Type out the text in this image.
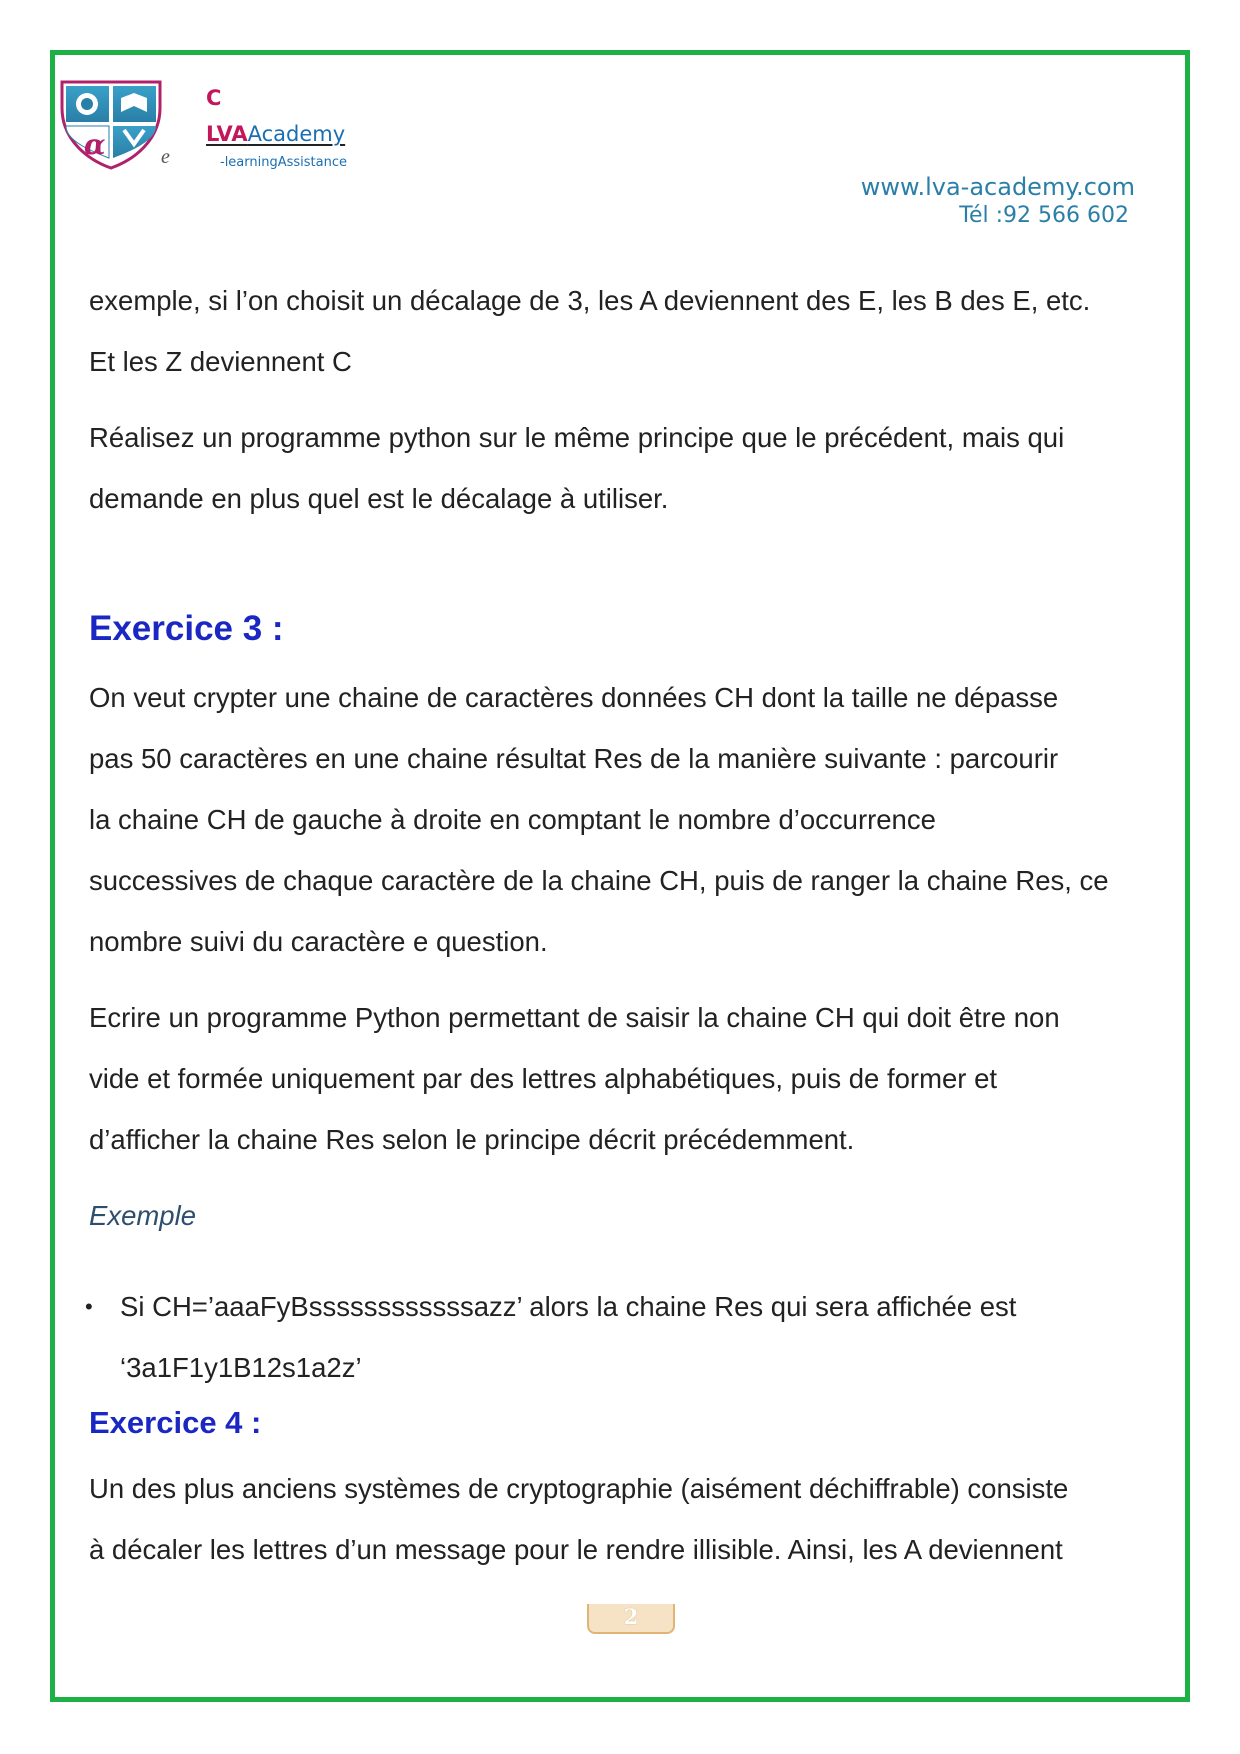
α	e
C
LVAAcademy
-learningAssistance
www.lva-academy.com
Tél :92 566 602

exemple, si l’on choisit un décalage de 3, les A deviennent des E, les B des E, etc.

Et les Z deviennent C

Réalisez un programme python sur le même principe que le précédent, mais qui

demande en plus quel est le décalage à utiliser.

Exercice 3 :

On veut crypter une chaine de caractères données CH dont la taille ne dépasse

pas 50 caractères en une chaine résultat Res de la manière suivante : parcourir

la chaine CH de gauche à droite en comptant le nombre d’occurrence

successives de chaque caractère de la chaine CH, puis de ranger la chaine Res, ce

nombre suivi du caractère e question.

Ecrire un programme Python permettant de saisir la chaine CH qui doit être non

vide et formée uniquement par des lettres alphabétiques, puis de former et

d’afficher la chaine Res selon le principe décrit précédemment.

Exemple

• Si CH=’aaaFyBssssssssssssazz’ alors la chaine Res qui sera affichée est

‘3a1F1y1B12s1a2z’

Exercice 4 :

Un des plus anciens systèmes de cryptographie (aisément déchiffrable) consiste

à décaler les lettres d’un message pour le rendre illisible. Ainsi, les A deviennent

2
